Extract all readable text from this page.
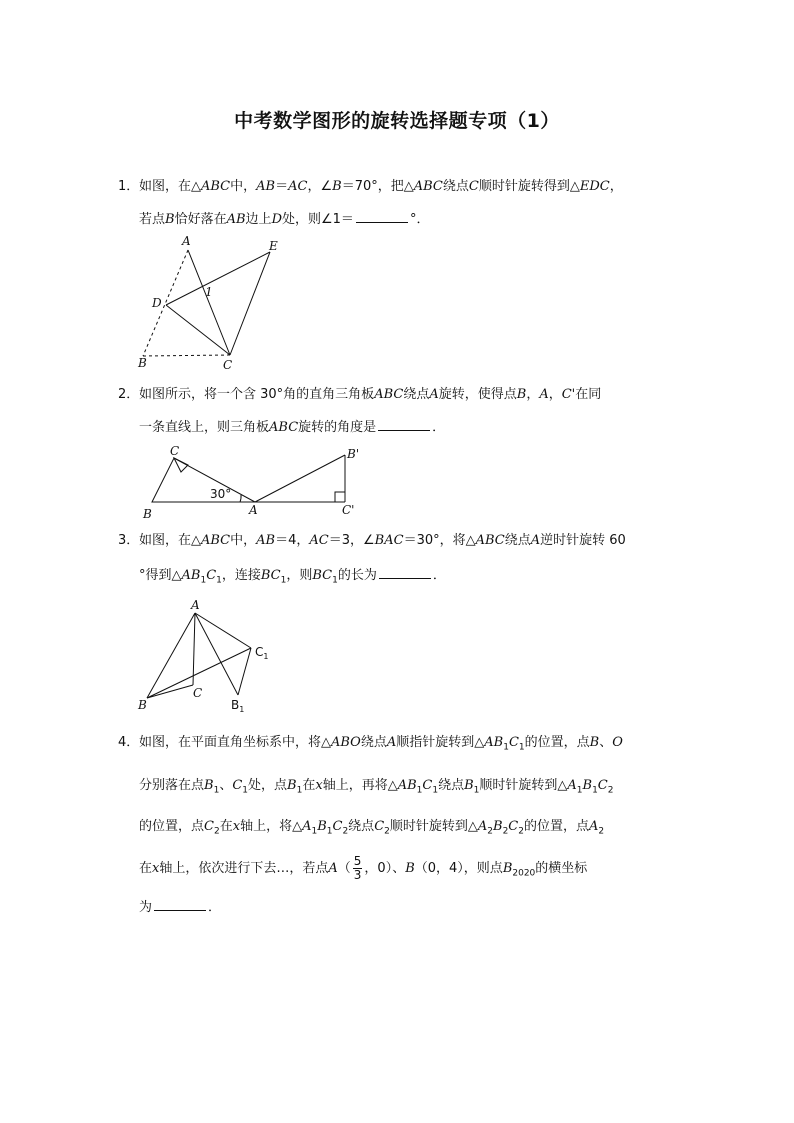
中考数学图形的旋转选择题专项（1）
1． 如图，在△ABC中，AB＝AC，∠B＝70°，把△ABC绕点C顺时针旋转得到△EDC，
若点B恰好落在AB边上D处，则∠1＝	°．
A	E
D
1
B	C
2． 如图所示，将一个含 30°角的直角三角板ABC绕点A旋转，使得点B，A，C'在同
一条直线上，则三角板ABC旋转的角度是	．
C	B'
30°
B	A	C'
3． 如图，在△ABC中，AB＝4，AC＝3，∠BAC＝30°，将△ABC绕点A逆时针旋转 60
°得到$\triangle AB_1C_1$，连接$BC_1$，则$BC_1$的长为	．
A
$C_1$
B
C
$B_1$
4． 如图，在平面直角坐标系中，将△ABO绕点A顺指针旋转到$\triangle AB_1C_1$的位置，点B、O
分别落在点$B_1$、$C_1$处，点$B_1$在x轴上，再将$\triangle AB_1C_1$绕点$B_1$顺时针旋转到$\triangle A_1B_1C_2$
的位置，点$C_2$在x轴上，将$\triangle A_1B_1C_2$绕点$C_2$顺时针旋转到$\triangle A_2B_2C_2$的位置，点$A_2$
在x轴上，依次进行下去…，若点$A( \frac{5}{3}$ ，0）、B（0，4），则点$B_{2020}$的横坐标
为	．
